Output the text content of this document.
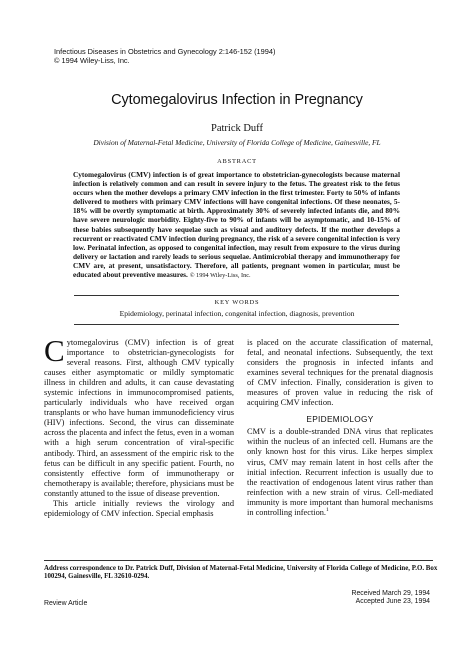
Infectious Diseases in Obstetrics and Gynecology 2:146-152 (1994)
© 1994 Wiley-Liss, Inc.
Cytomegalovirus Infection in Pregnancy
Patrick Duff
Division of Maternal-Fetal Medicine, University of Florida College of Medicine, Gainesville, FL
ABSTRACT
Cytomegalovirus (CMV) infection is of great importance to obstetrician-gynecologists because maternal infection is relatively common and can result in severe injury to the fetus. The greatest risk to the fetus occurs when the mother develops a primary CMV infection in the first trimester. Forty to 50% of infants delivered to mothers with primary CMV infections will have congenital infections. Of these neonates, 5-18% will be overtly symptomatic at birth. Approximately 30% of severely infected infants die, and 80% have severe neurologic morbidity. Eighty-five to 90% of infants will be asymptomatic, and 10-15% of these babies subsequently have sequelae such as visual and auditory defects. If the mother develops a recurrent or reactivated CMV infection during pregnancy, the risk of a severe congenital infection is very low. Perinatal infection, as opposed to congenital infection, may result from exposure to the virus during delivery or lactation and rarely leads to serious sequelae. Antimicrobial therapy and immunotherapy for CMV are, at present, unsatisfactory. Therefore, all patients, pregnant women in particular, must be educated about preventive measures. © 1994 Wiley-Liss, Inc.
KEY WORDS
Epidemiology, perinatal infection, congenital infection, diagnosis, prevention

Cytomegalovirus (CMV) infection is of great importance to obstetrician-gynecologists for several reasons. First, although CMV typically causes either asymptomatic or mildly symptomatic illness in children and adults, it can cause devastating systemic infections in immunocompromised patients, particularly individuals who have received organ transplants or who have human immunodeficiency virus (HIV) infections. Second, the virus can disseminate across the placenta and infect the fetus, even in a woman with a high serum concentration of viral-specific antibody. Third, an assessment of the empiric risk to the fetus can be difficult in any specific patient. Fourth, no consistently effective form of immunotherapy or chemotherapy is available; therefore, physicians must be constantly attuned to the issue of disease prevention.

This article initially reviews the virology and epidemiology of CMV infection. Special emphasis

is placed on the accurate classification of maternal, fetal, and neonatal infections. Subsequently, the text considers the prognosis in infected infants and examines several techniques for the prenatal diagnosis of CMV infection. Finally, consideration is given to measures of proven value in reducing the risk of acquiring CMV infection.

EPIDEMIOLOGY

CMV is a double-stranded DNA virus that replicates within the nucleus of an infected cell. Humans are the only known host for this virus. Like herpes simplex virus, CMV may remain latent in host cells after the initial infection. Recurrent infection is usually due to the reactivation of endogenous latent virus rather than reinfection with a new strain of virus. Cell-mediated immunity is more important than humoral mechanisms in controlling infection.$^1$

Address correspondence to Dr. Patrick Duff, Division of Maternal-Fetal Medicine, University of Florida College of Medicine, P.O. Box 100294, Gainesville, FL 32610-0294.
Received March 29, 1994
Accepted June 23, 1994
Review Article
